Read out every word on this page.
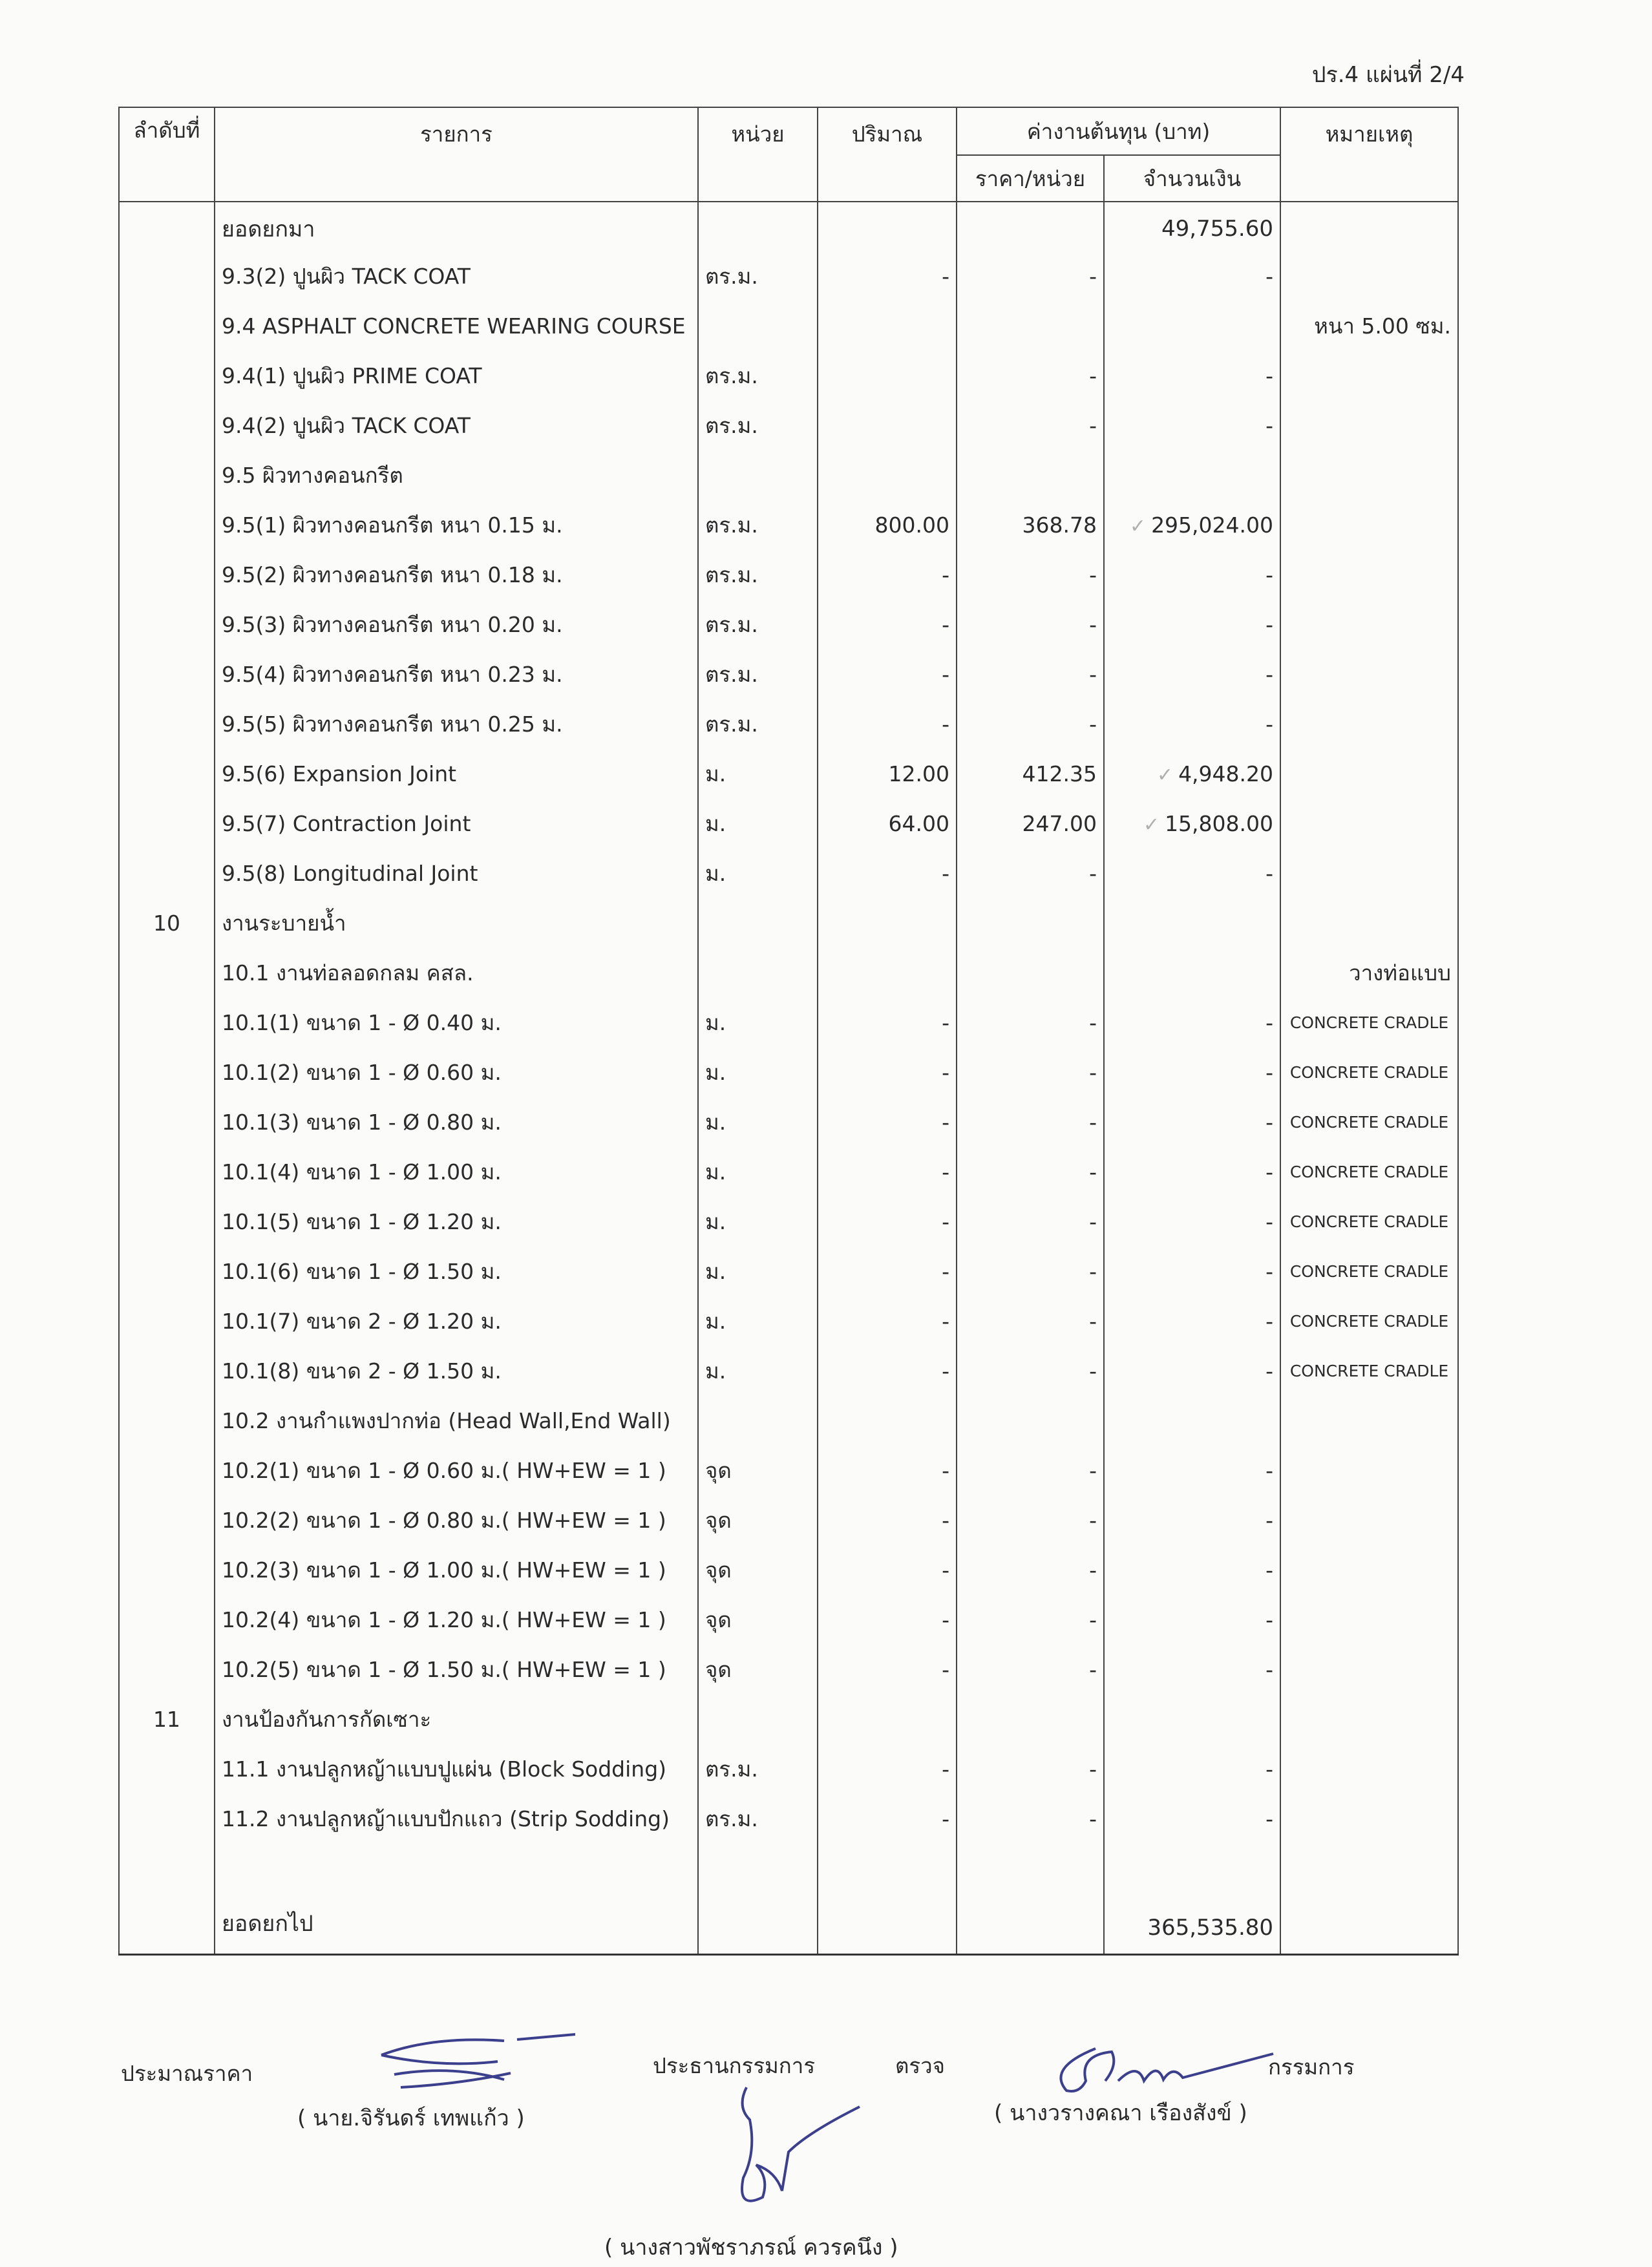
ปร.4 แผ่นที่ 2/4
ลำดับที่	รายการ	หน่วย	ปริมาณ	ค่างานต้นทุน (บาท)		หมายเหตุ
				ราคา/หน่วย	จำนวนเงิน	
	ยอดยกมา				49,755.60	
	9.3(2) ปูนผิว TACK COAT	ตร.ม.	-	-	-	
	9.4 ASPHALT CONCRETE WEARING COURSE					หนา 5.00 ซม.
	9.4(1) ปูนผิว PRIME COAT	ตร.ม.		-	-	
	9.4(2) ปูนผิว TACK COAT	ตร.ม.		-	-	
	9.5 ผิวทางคอนกรีต					
	9.5(1) ผิวทางคอนกรีต หนา 0.15 ม.	ตร.ม.	800.00	368.78	✓ 295,024.00	
	9.5(2) ผิวทางคอนกรีต หนา 0.18 ม.	ตร.ม.	-	-	-	
	9.5(3) ผิวทางคอนกรีต หนา 0.20 ม.	ตร.ม.	-	-	-	
	9.5(4) ผิวทางคอนกรีต หนา 0.23 ม.	ตร.ม.	-	-	-	
	9.5(5) ผิวทางคอนกรีต หนา 0.25 ม.	ตร.ม.	-	-	-	
	9.5(6) Expansion Joint	ม.	12.00	412.35	✓ 4,948.20	
	9.5(7) Contraction Joint	ม.	64.00	247.00	✓ 15,808.00	
	9.5(8) Longitudinal Joint	ม.	-	-	-	
10	งานระบายน้ำ					
	10.1 งานท่อลอดกลม คสล.					วางท่อแบบ
	10.1(1) ขนาด 1 - Ø 0.40 ม.	ม.	-	-	-	CONCRETE CRADLE
	10.1(2) ขนาด 1 - Ø 0.60 ม.	ม.	-	-	-	CONCRETE CRADLE
	10.1(3) ขนาด 1 - Ø 0.80 ม.	ม.	-	-	-	CONCRETE CRADLE
	10.1(4) ขนาด 1 - Ø 1.00 ม.	ม.	-	-	-	CONCRETE CRADLE
	10.1(5) ขนาด 1 - Ø 1.20 ม.	ม.	-	-	-	CONCRETE CRADLE
	10.1(6) ขนาด 1 - Ø 1.50 ม.	ม.	-	-	-	CONCRETE CRADLE
	10.1(7) ขนาด 2 - Ø 1.20 ม.	ม.	-	-	-	CONCRETE CRADLE
	10.1(8) ขนาด 2 - Ø 1.50 ม.	ม.	-	-	-	CONCRETE CRADLE
	10.2 งานกำแพงปากท่อ (Head Wall,End Wall)					
	10.2(1) ขนาด 1 - Ø 0.60 ม.( HW+EW = 1 )	จุด	-	-	-	
	10.2(2) ขนาด 1 - Ø 0.80 ม.( HW+EW = 1 )	จุด	-	-	-	
	10.2(3) ขนาด 1 - Ø 1.00 ม.( HW+EW = 1 )	จุด	-	-	-	
	10.2(4) ขนาด 1 - Ø 1.20 ม.( HW+EW = 1 )	จุด	-	-	-	
	10.2(5) ขนาด 1 - Ø 1.50 ม.( HW+EW = 1 )	จุด	-	-	-	
11	งานป้องกันการกัดเซาะ					
	11.1 งานปลูกหญ้าแบบปูแผ่น (Block Sodding)	ตร.ม.	-	-	-	
	11.2 งานปลูกหญ้าแบบปักแถว (Strip Sodding)	ตร.ม.	-	-	-	
	ยอดยกไป				365,535.80	
ประมาณราคา
( นาย.จิรันดร์ เทพแก้ว )
ประธานกรรมการ	ตรวจ
( นางสาวพัชราภรณ์ ควรคนึง )
กรรมการ
( นางวรางคณา เรืองสังข์ )
